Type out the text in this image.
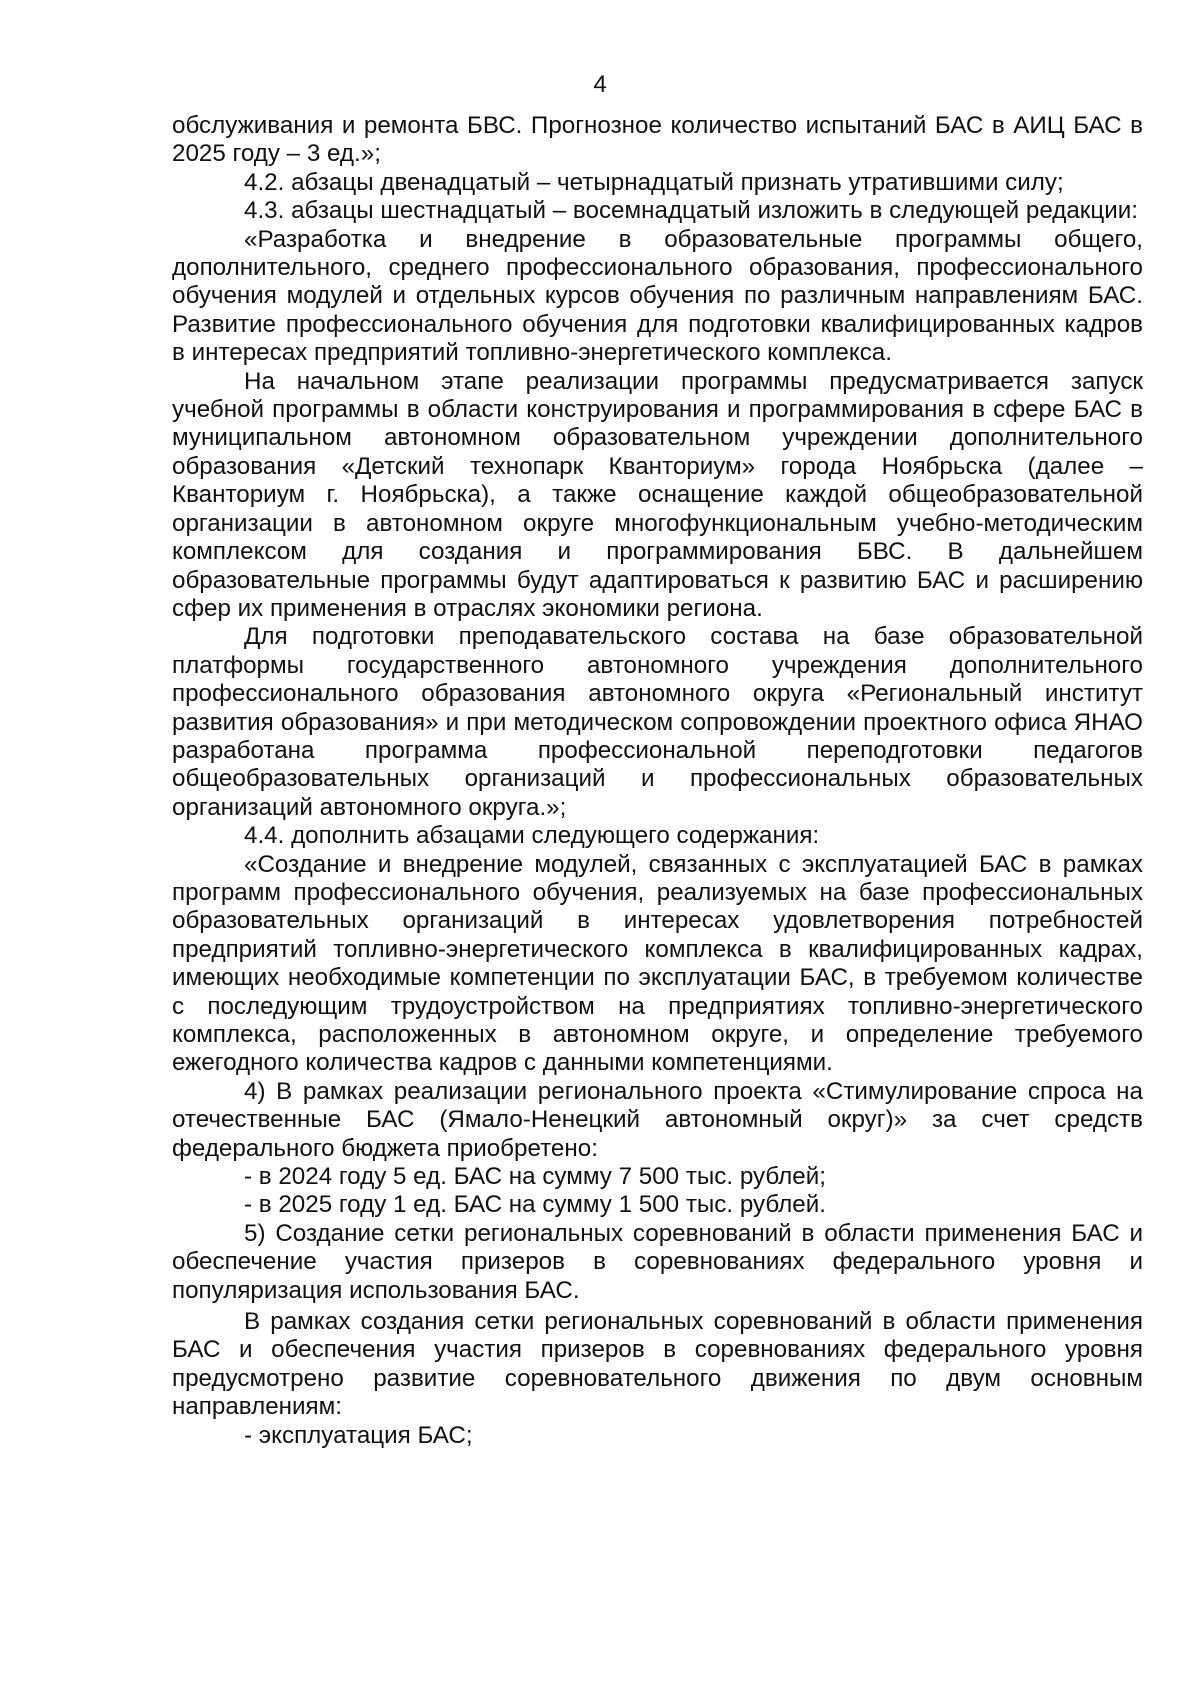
4

обслуживания и ремонта БВС. Прогнозное количество испытаний БАС в АИЦ БАС в 2025 году – 3 ед.»;

4.2. абзацы двенадцатый – четырнадцатый признать утратившими силу;

4.3. абзацы шестнадцатый – восемнадцатый изложить в следующей редакции:

«Разработка и внедрение в образовательные программы общего, дополнительного, среднего профессионального образования, профессионального обучения модулей и отдельных курсов обучения по различным направлениям БАС. Развитие профессионального обучения для подготовки квалифицированных кадров в интересах предприятий топливно-энергетического комплекса.

На начальном этапе реализации программы предусматривается запуск учебной программы в области конструирования и программирования в сфере БАС в муниципальном автономном образовательном учреждении дополнительного образования «Детский технопарк Кванториум» города Ноябрьска (далее – Кванториум г. Ноябрьска), а также оснащение каждой общеобразовательной организации в автономном округе многофункциональным учебно-методическим комплексом для создания и программирования БВС. В дальнейшем образовательные программы будут адаптироваться к развитию БАС и расширению сфер их применения в отраслях экономики региона.

Для подготовки преподавательского состава на базе образовательной платформы государственного автономного учреждения дополнительного профессионального образования автономного округа «Региональный институт развития образования» и при методическом сопровождении проектного офиса ЯНАО разработана программа профессиональной переподготовки педагогов общеобразовательных организаций и профессиональных образовательных организаций автономного округа.»;

4.4. дополнить абзацами следующего содержания:

«Создание и внедрение модулей, связанных с эксплуатацией БАС в рамках программ профессионального обучения, реализуемых на базе профессиональных образовательных организаций в интересах удовлетворения потребностей предприятий топливно-энергетического комплекса в квалифицированных кадрах, имеющих необходимые компетенции по эксплуатации БАС, в требуемом количестве с последующим трудоустройством на предприятиях топливно-энергетического комплекса, расположенных в автономном округе, и определение требуемого ежегодного количества кадров с данными компетенциями.

4) В рамках реализации регионального проекта «Стимулирование спроса на отечественные БАС (Ямало-Ненецкий автономный округ)» за счет средств федерального бюджета приобретено:

- в 2024 году 5 ед. БАС на сумму 7 500 тыс. рублей;

- в 2025 году 1 ед. БАС на сумму 1 500 тыс. рублей.

5) Создание сетки региональных соревнований в области применения БАС и обеспечение участия призеров в соревнованиях федерального уровня и популяризация использования БАС.

В рамках создания сетки региональных соревнований в области применения БАС и обеспечения участия призеров в соревнованиях федерального уровня предусмотрено развитие соревновательного движения по двум основным направлениям:

- эксплуатация БАС;
